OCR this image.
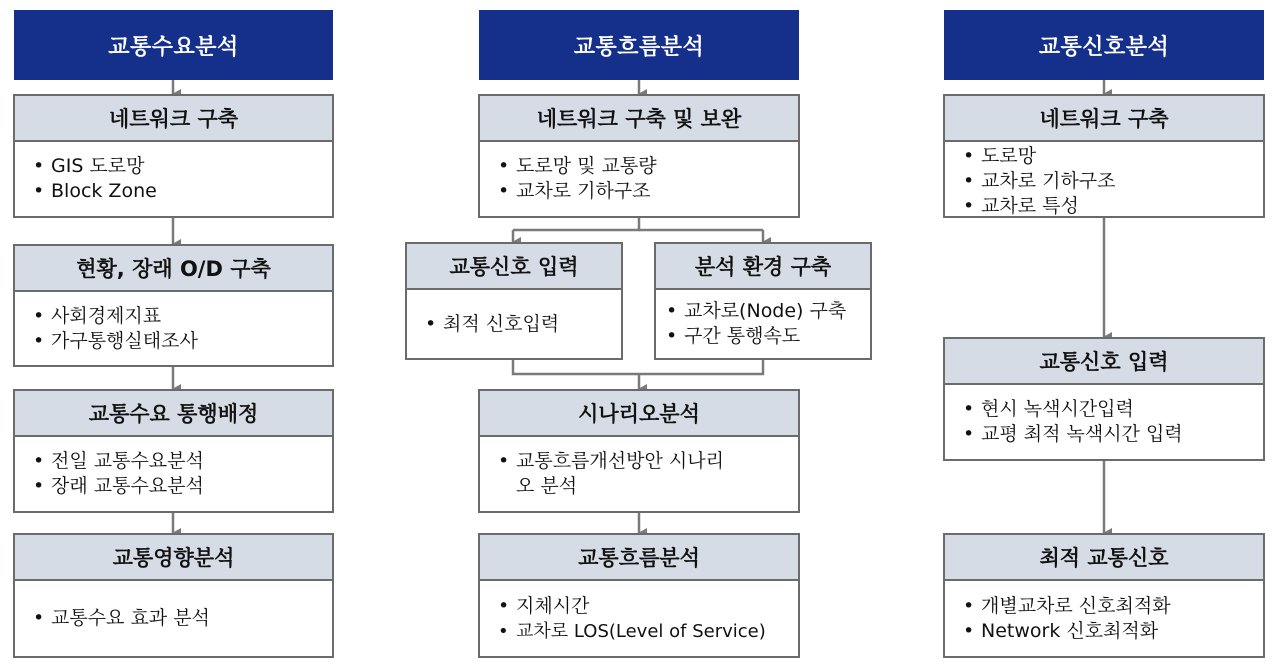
교통수요분석
네트워크 구축
• GIS 도로망
• Block Zone
현황, 장래 O/D 구축
• 사회경제지표
• 가구통행실태조사
교통수요 통행배정
• 전일 교통수요분석
• 장래 교통수요분석
교통영향분석
• 교통수요 효과 분석
교통흐름분석
네트워크 구축 및 보완
• 도로망 및 교통량
• 교차로 기하구조
교통신호 입력
• 최적 신호입력
분석 환경 구축
• 교차로(Node) 구축
• 구간 통행속도
시나리오분석
• 교통흐름개선방안 시나리오 분석
교통흐름분석
• 지체시간
• 교차로 LOS(Level of Service)
교통신호분석
네트워크 구축
• 도로망
• 교차로 기하구조
• 교차로 특성
교통신호 입력
• 현시 녹색시간입력
• 교평 최적 녹색시간 입력
최적 교통신호
• 개별교차로 신호최적화
• Network 신호최적화
